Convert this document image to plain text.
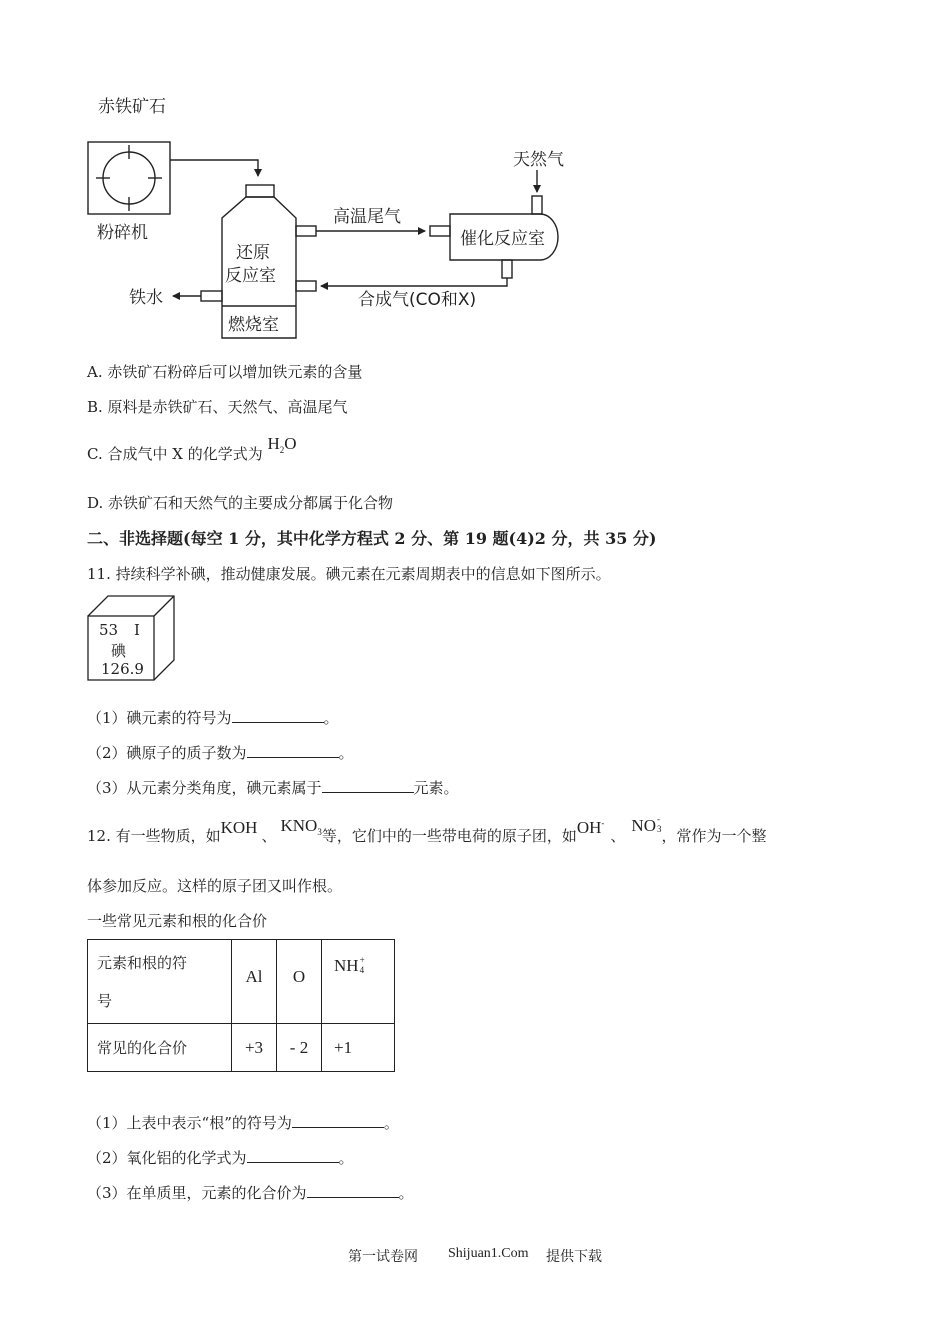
赤铁矿石
粉碎机
天然气
高温尾气
还原
反应室
催化反应室
铁水
燃烧室
合成气(CO和X)
A. 赤铁矿石粉碎后可以增加铁元素的含量
B. 原料是赤铁矿石、天然气、高温尾气
C. 合成气中 X 的化学式为 $H_2O$
D. 赤铁矿石和天然气的主要成分都属于化合物
二、非选择题(每空 1 分，其中化学方程式 2 分、第 19 题(4)2 分，共 35 分)
11. 持续科学补碘，推动健康发展。碘元素在元素周期表中的信息如下图所示。
53 I
碘
126.9
（1）碘元素的符号为	。
（2）碘原子的质子数为	。
（3）从元素分类角度，碘元素属于	元素。
12. 有一些物质，如KOH 、$KNO_3$等，它们中的一些带电荷的原子团，如OH-、NO -
3 ，常作为一个整
体参加反应。这样的原子团又叫作根。
一些常见元素和根的化合价
元素和根的符
号	Al	O	NH +
4

常见的化合价	+3	- 2	+1
（1）上表中表示“根”的符号为	。
（2）氧化铝的化学式为	。
（3）在单质里，元素的化合价为	。
第一试卷网 Shijuan1.Com 提供下载
